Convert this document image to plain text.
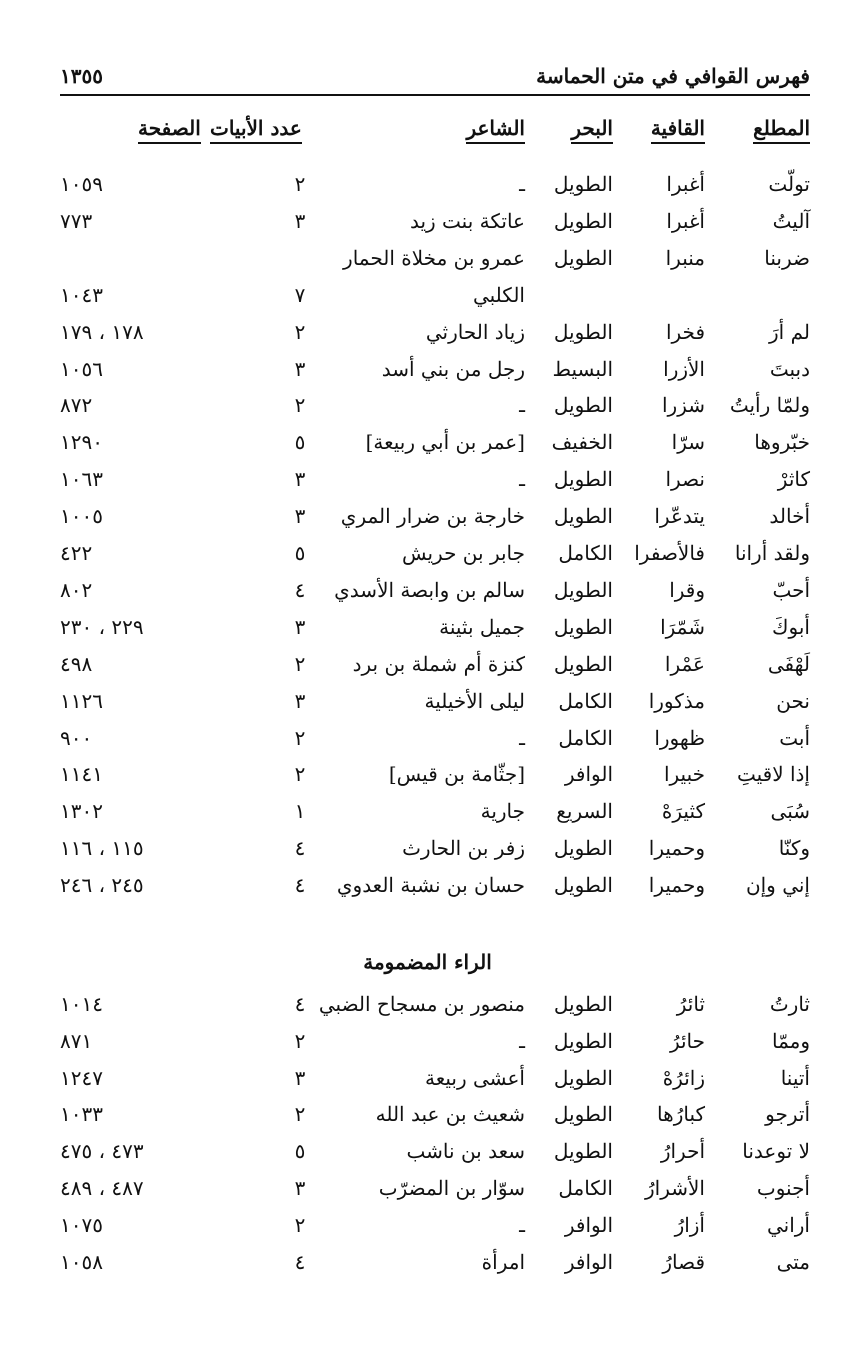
فهرس القوافي في متن الحماسة
١٣٥٥
المطلع
القافية
البحر
الشاعر
عدد الأبيات
الصفحة
تولّت
أغبرا
الطويل
ـ
٢
١٠٥٩
آليتُ
أغبرا
الطويل
عاتكة بنت زيد
٣
٧٧٣
ضربنا
منبرا
الطويل
عمرو بن مخلاة الحمار
الكلبي
٧
١٠٤٣
لم أرَ
فخرا
الطويل
زياد الحارثي
٢
١٧٨ ، ١٧٩
دببتَ
الأزرا
البسيط
رجل من بني أسد
٣
١٠٥٦
ولمّا رأيتُ
شزرا
الطويل
ـ
٢
٨٧٢
خبّروها
سرّا
الخفيف
[عمر بن أبي ربيعة]
٥
١٢٩٠
كاثرْ
نصرا
الطويل
ـ
٣
١٠٦٣
أخالد
يتدعّرا
الطويل
خارجة بن ضرار المري
٣
١٠٠٥
ولقد أرانا
فالأصفرا
الكامل
جابر بن حريش
٥
٤٢٢
أحبّ
وقرا
الطويل
سالم بن وابصة الأسدي
٤
٨٠٢
أبوكَ
شَمّرَا
الطويل
جميل بثينة
٣
٢٢٩ ، ٢٣٠
لَهْفَى
عَمْرا
الطويل
كنزة أم شملة بن برد
٢
٤٩٨
نحن
مذكورا
الكامل
ليلى الأخيلية
٣
١١٢٦
أبت
ظهورا
الكامل
ـ
٢
٩٠٠
إذا لاقيتِ
خبيرا
الوافر
[جثّامة بن قيس]
٢
١١٤١
سُبَى
كثيرَهْ
السريع
جارية
١
١٣٠٢
وكنّا
وحميرا
الطويل
زفر بن الحارث
٤
١١٥ ، ١١٦
إني وإن
وحميرا
الطويل
حسان بن نشبة العدوي
٤
٢٤٥ ، ٢٤٦
ثارتُ
ثائرُ
الطويل
منصور بن مسجاح الضبي
٤
١٠١٤
وممّا
حائرُ
الطويل
ـ
٢
٨٧١
أتينا
زائرُهْ
الطويل
أعشى ربيعة
٣
١٢٤٧
أترجو
كبارُها
الطويل
شعيث بن عبد الله
٢
١٠٣٣
لا توعدنا
أحرارُ
الطويل
سعد بن ناشب
٥
٤٧٣ ، ٤٧٥
أجنوب
الأشرارُ
الكامل
سوّار بن المضرّب
٣
٤٨٧ ، ٤٨٩
أراني
أزارُ
الوافر
ـ
٢
١٠٧٥
متى
قصارُ
الوافر
امرأة
٤
١٠٥٨
الراء المضمومة
